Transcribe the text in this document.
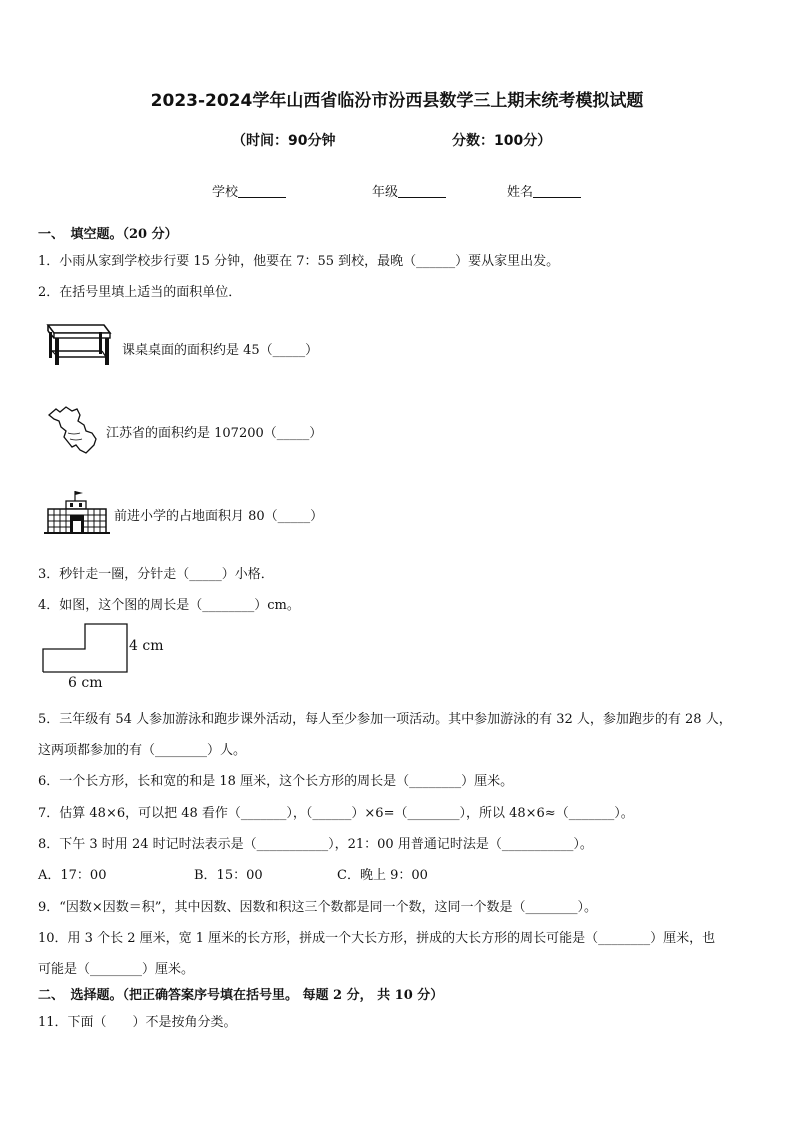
2023-2024学年山西省临汾市汾西县数学三上期末统考模拟试题
（时间：90分钟	分数：100分）
学校	年级	姓名
一、　填空题。（20 分）
1．小雨从家到学校步行要 15 分钟，他要在 7：55 到校，最晚（______）要从家里出发。
2．在括号里填上适当的面积单位．
课桌桌面的面积约是 45（_____）
江苏省的面积约是 107200（_____）
前进小学的占地面积月 80（_____）
3．秒针走一圈，分针走（_____）小格．
4．如图，这个图的周长是（________）cm。
4 cm
6 cm
5．三年级有 54 人参加游泳和跑步课外活动，每人至少参加一项活动。其中参加游泳的有 32 人，参加跑步的有 28 人，
这两项都参加的有（________）人。
6．一个长方形，长和宽的和是 18 厘米，这个长方形的周长是（________）厘米。
7．估算 48×6，可以把 48 看作（_______），（______）×6=（________），所以 48×6≈（_______）。
8．下午 3 时用 24 时记时法表示是（___________），21：00 用普通记时法是（___________）。
A．17：00	B．15：00	C．晚上 9：00
9．“因数×因数＝积”，其中因数、因数和积这三个数都是同一个数，这同一个数是（________）。
10．用 3 个长 2 厘米，宽 1 厘米的长方形，拼成一个大长方形，拼成的大长方形的周长可能是（________）厘米，也
可能是（________）厘米。
二、　选择题。（把正确答案序号填在括号里。 每题 2 分， 共 10 分）
11．下面（　　）不是按角分类。
